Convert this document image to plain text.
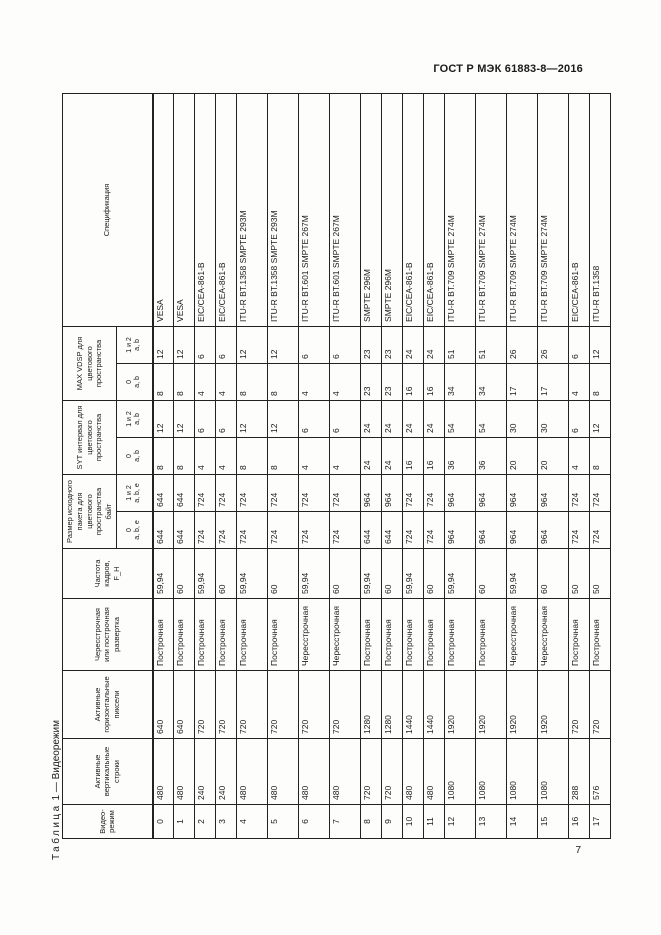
ГОСТ Р МЭК 61883-8—2016
Таблица 1 — Видеорежим
Видео-режим	Активные вертикальные строки	Активные горизонтальные пиксели	Чересстрочная или построчная развертка	Частота кадров, F_H	Размер исходного пакета для цветового пространства байт		SYT интервал для цветового пространства		MAX VDSP для цветового пространства		Спецификация
					0 a, b, e	1 и 2 a, b, e	0 a, b	1 и 2 a, b	0 a, b	1 и 2 a, b	
0	480	640	Построчная	59,94	644	644	8	12	8	12	VESA
1	480	640	Построчная	60	644	644	8	12	8	12	VESA
2	240	720	Построчная	59,94	724	724	4	6	4	6	EIC/CEA-861-B
3	240	720	Построчная	60	724	724	4	6	4	6	EIC/CEA-861-B
4	480	720	Построчная	59,94	724	724	8	12	8	12	ITU-R BT.1358 SMPTE 293M
5	480	720	Построчная	60	724	724	8	12	8	12	ITU-R BT.1358 SMPTE 293M
6	480	720	Чересстрочная	59,94	724	724	4	6	4	6	ITU-R BT.601 SMPTE 267M
7	480	720	Чересстрочная	60	724	724	4	6	4	6	ITU-R BT.601 SMPTE 267M
8	720	1280	Построчная	59,94	644	964	24	24	23	23	SMPTE 296M
9	720	1280	Построчная	60	644	964	24	24	23	23	SMPTE 296M
10	480	1440	Построчная	59,94	724	724	16	24	16	24	EIC/CEA-861-B
11	480	1440	Построчная	60	724	724	16	24	16	24	EIC/CEA-861-B
12	1080	1920	Построчная	59,94	964	964	36	54	34	51	ITU-R BT.709 SMPTE 274M
13	1080	1920	Построчная	60	964	964	36	54	34	51	ITU-R BT.709 SMPTE 274M
14	1080	1920	Чересстрочная	59,94	964	964	20	30	17	26	ITU-R BT.709 SMPTE 274M
15	1080	1920	Чересстрочная	60	964	964	20	30	17	26	ITU-R BT.709 SMPTE 274M
16	288	720	Построчная	50	724	724	4	6	4	6	EIC/CEA-861-B
17	576	720	Построчная	50	724	724	8	12	8	12	ITU-R BT.1358
7
